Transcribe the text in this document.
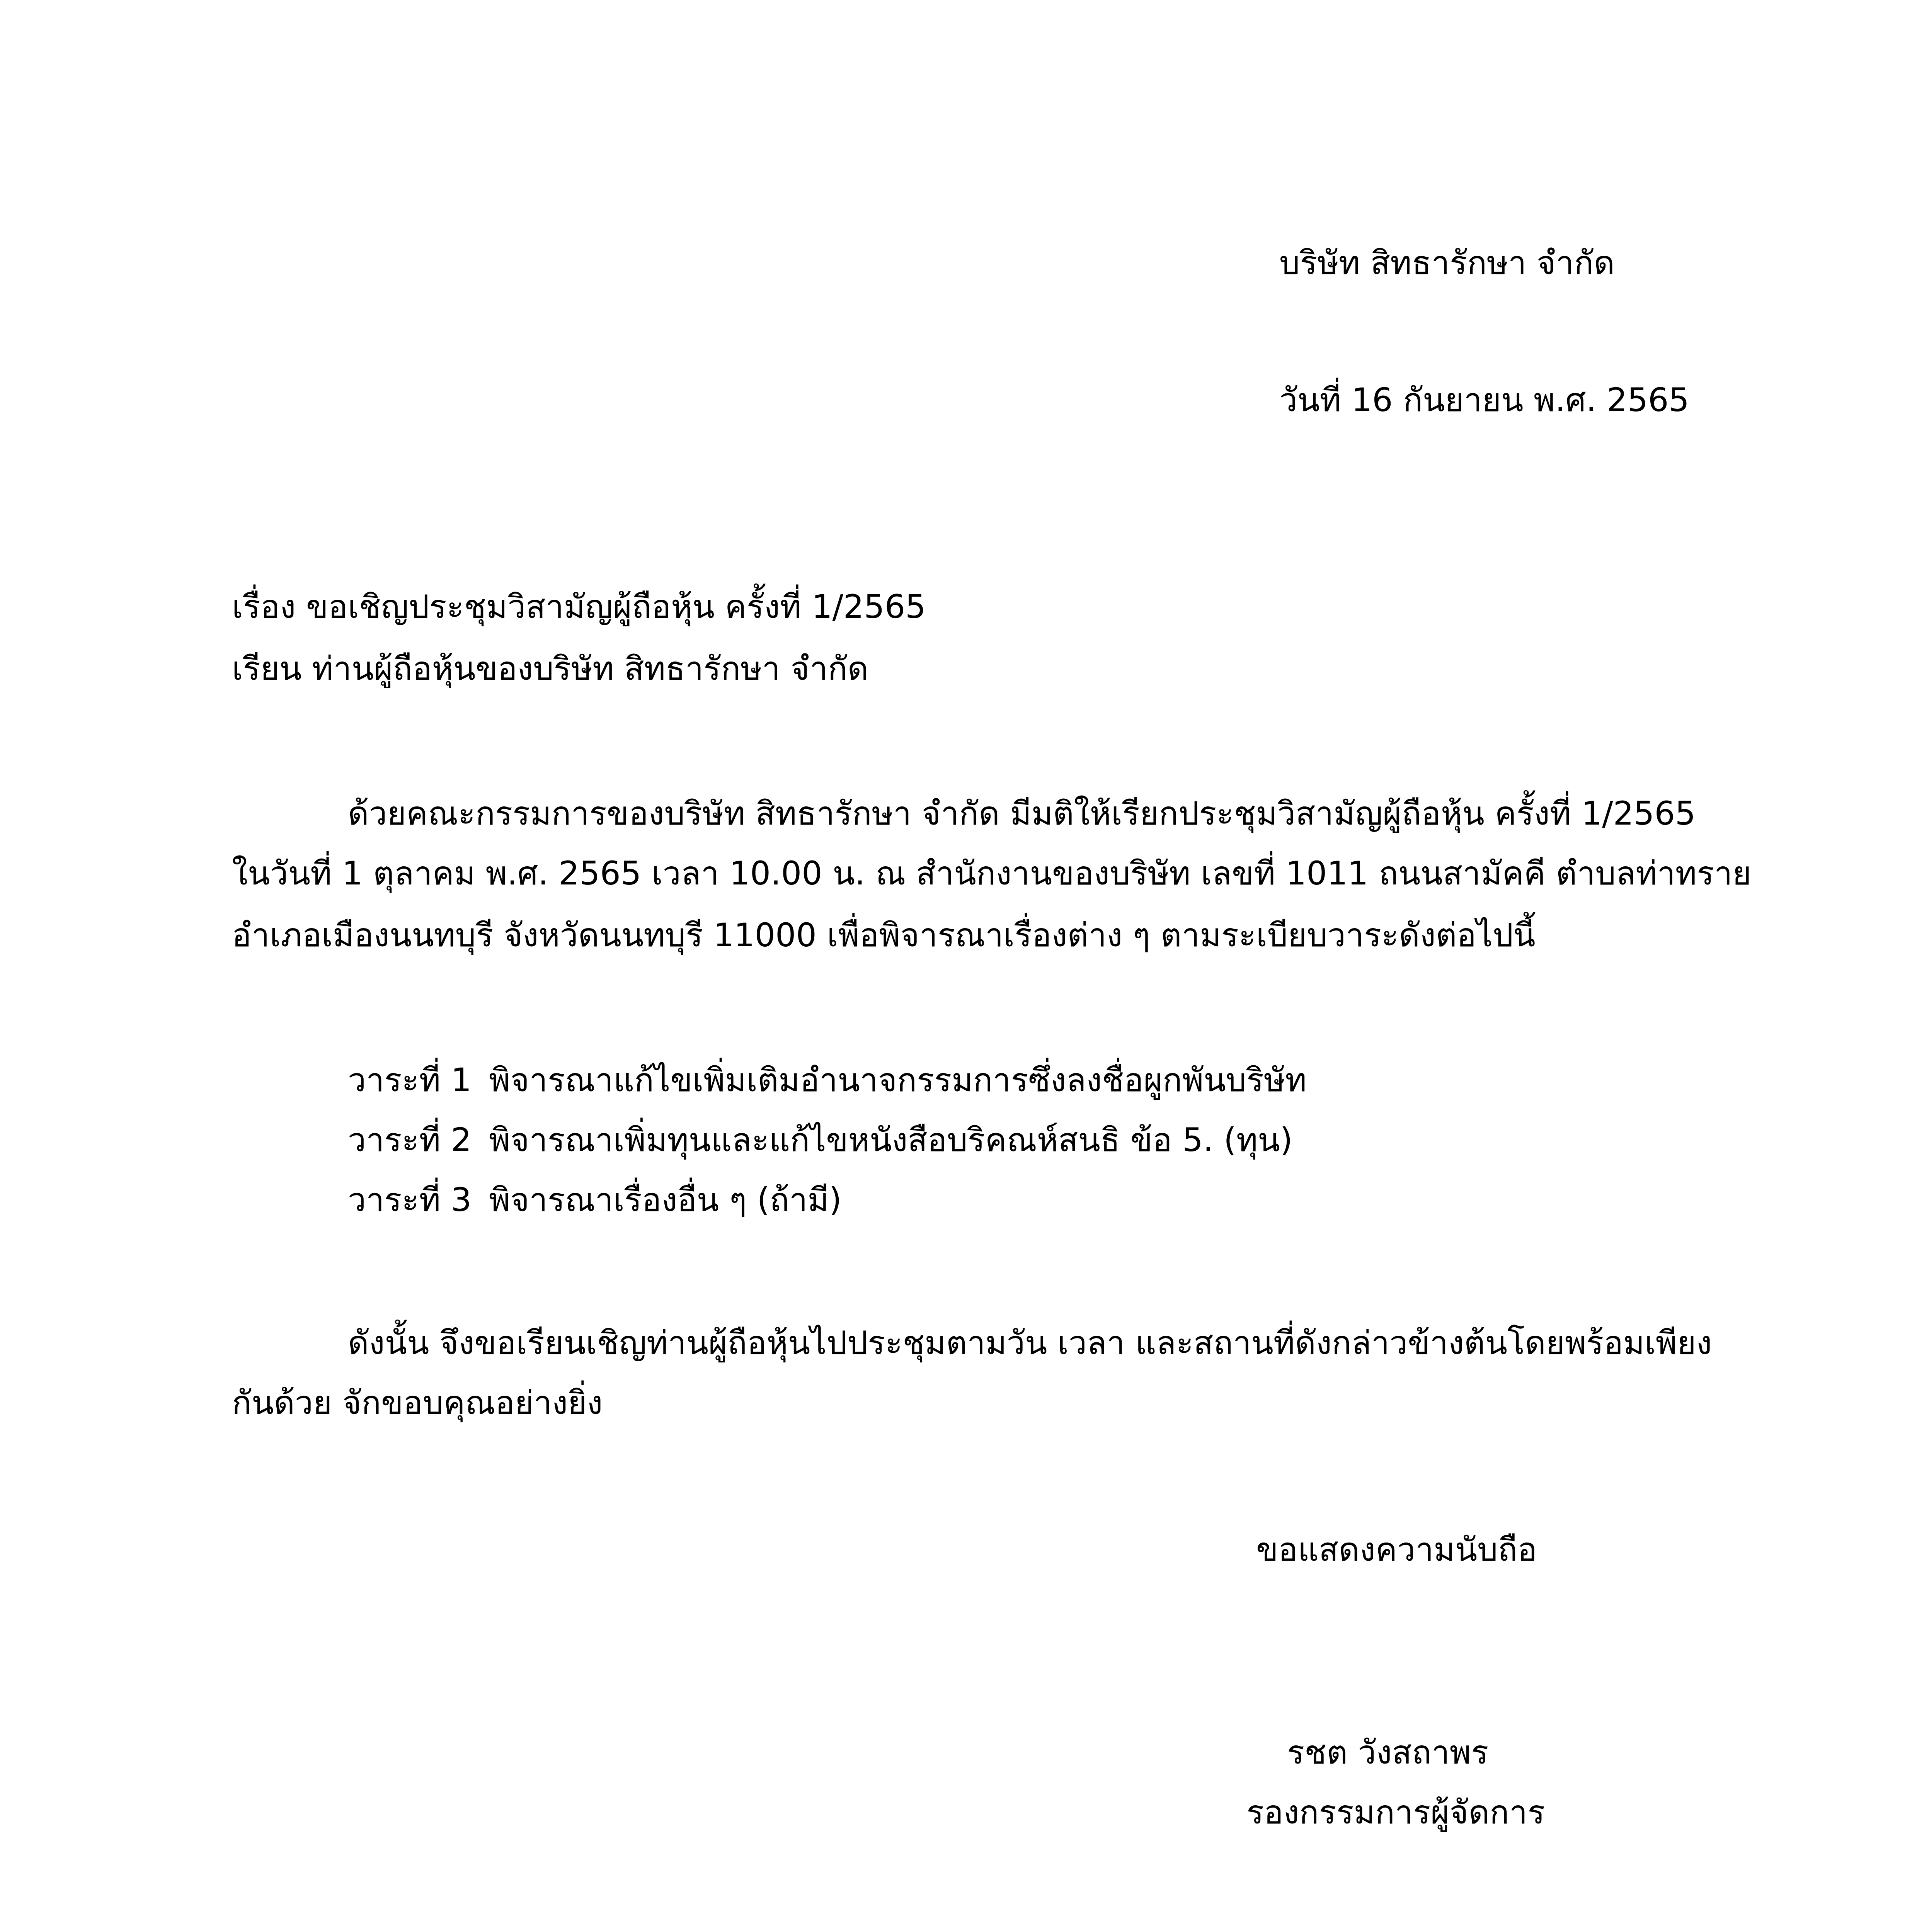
บริษัท สิทธารักษา จำกัด

วันที่ 16 กันยายน พ.ศ. 2565

เรื่อง ขอเชิญประชุมวิสามัญผู้ถือหุ้น ครั้งที่ 1/2565

เรียน ท่านผู้ถือหุ้นของบริษัท สิทธารักษา จำกัด

ด้วยคณะกรรมการของบริษัท สิทธารักษา จำกัด มีมติให้เรียกประชุมวิสามัญผู้ถือหุ้น ครั้งที่ 1/2565

ในวันที่ 1 ตุลาคม พ.ศ. 2565 เวลา 10.00 น. ณ สำนักงานของบริษัท เลขที่ 1011 ถนนสามัคคี ตำบลท่าทราย

อำเภอเมืองนนทบุรี จังหวัดนนทบุรี 11000 เพื่อพิจารณาเรื่องต่าง ๆ ตามระเบียบวาระดังต่อไปนี้

วาระที่ 1 พิจารณาแก้ไขเพิ่มเติมอำนาจกรรมการซึ่งลงชื่อผูกพันบริษัท

วาระที่ 2 พิจารณาเพิ่มทุนและแก้ไขหนังสือบริคณห์สนธิ ข้อ 5. (ทุน)

วาระที่ 3 พิจารณาเรื่องอื่น ๆ (ถ้ามี)

ดังนั้น จึงขอเรียนเชิญท่านผู้ถือหุ้นไปประชุมตามวัน เวลา และสถานที่ดังกล่าวข้างต้นโดยพร้อมเพียง

กันด้วย จักขอบคุณอย่างยิ่ง

ขอแสดงความนับถือ

รชต วังสถาพร

รองกรรมการผู้จัดการ
